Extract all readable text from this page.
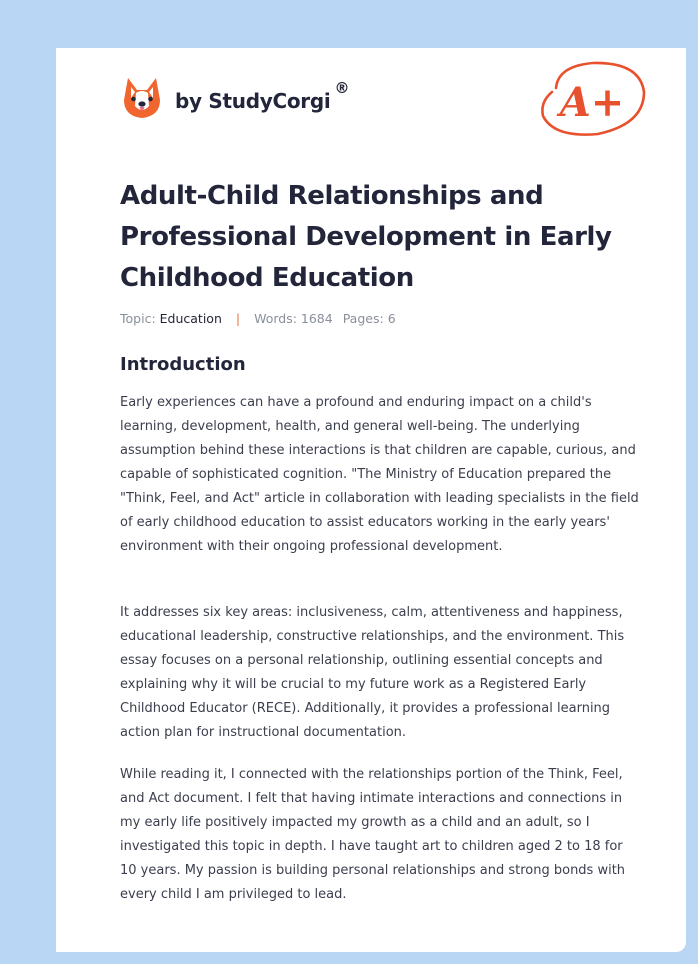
by StudyCorgi
®	A+
Adult-Child Relationships and Professional Development in Early Childhood Education
Topic: Education | Words: 1684 Pages: 6
Introduction

Early experiences can have a profound and enduring impact on a child's learning, development, health, and general well-being. The underlying assumption behind these interactions is that children are capable, curious, and capable of sophisticated cognition. "The Ministry of Education prepared the "Think, Feel, and Act" article in collaboration with leading specialists in the field of early childhood education to assist educators working in the early years' environment with their ongoing professional development.

It addresses six key areas: inclusiveness, calm, attentiveness and happiness, educational leadership, constructive relationships, and the environment. This essay focuses on a personal relationship, outlining essential concepts and explaining why it will be crucial to my future work as a Registered Early Childhood Educator (RECE). Additionally, it provides a professional learning action plan for instructional documentation.

While reading it, I connected with the relationships portion of the Think, Feel, and Act document. I felt that having intimate interactions and connections in my early life positively impacted my growth as a child and an adult, so I investigated this topic in depth. I have taught art to children aged 2 to 18 for 10 years. My passion is building personal relationships and strong bonds with every child I am privileged to lead.
